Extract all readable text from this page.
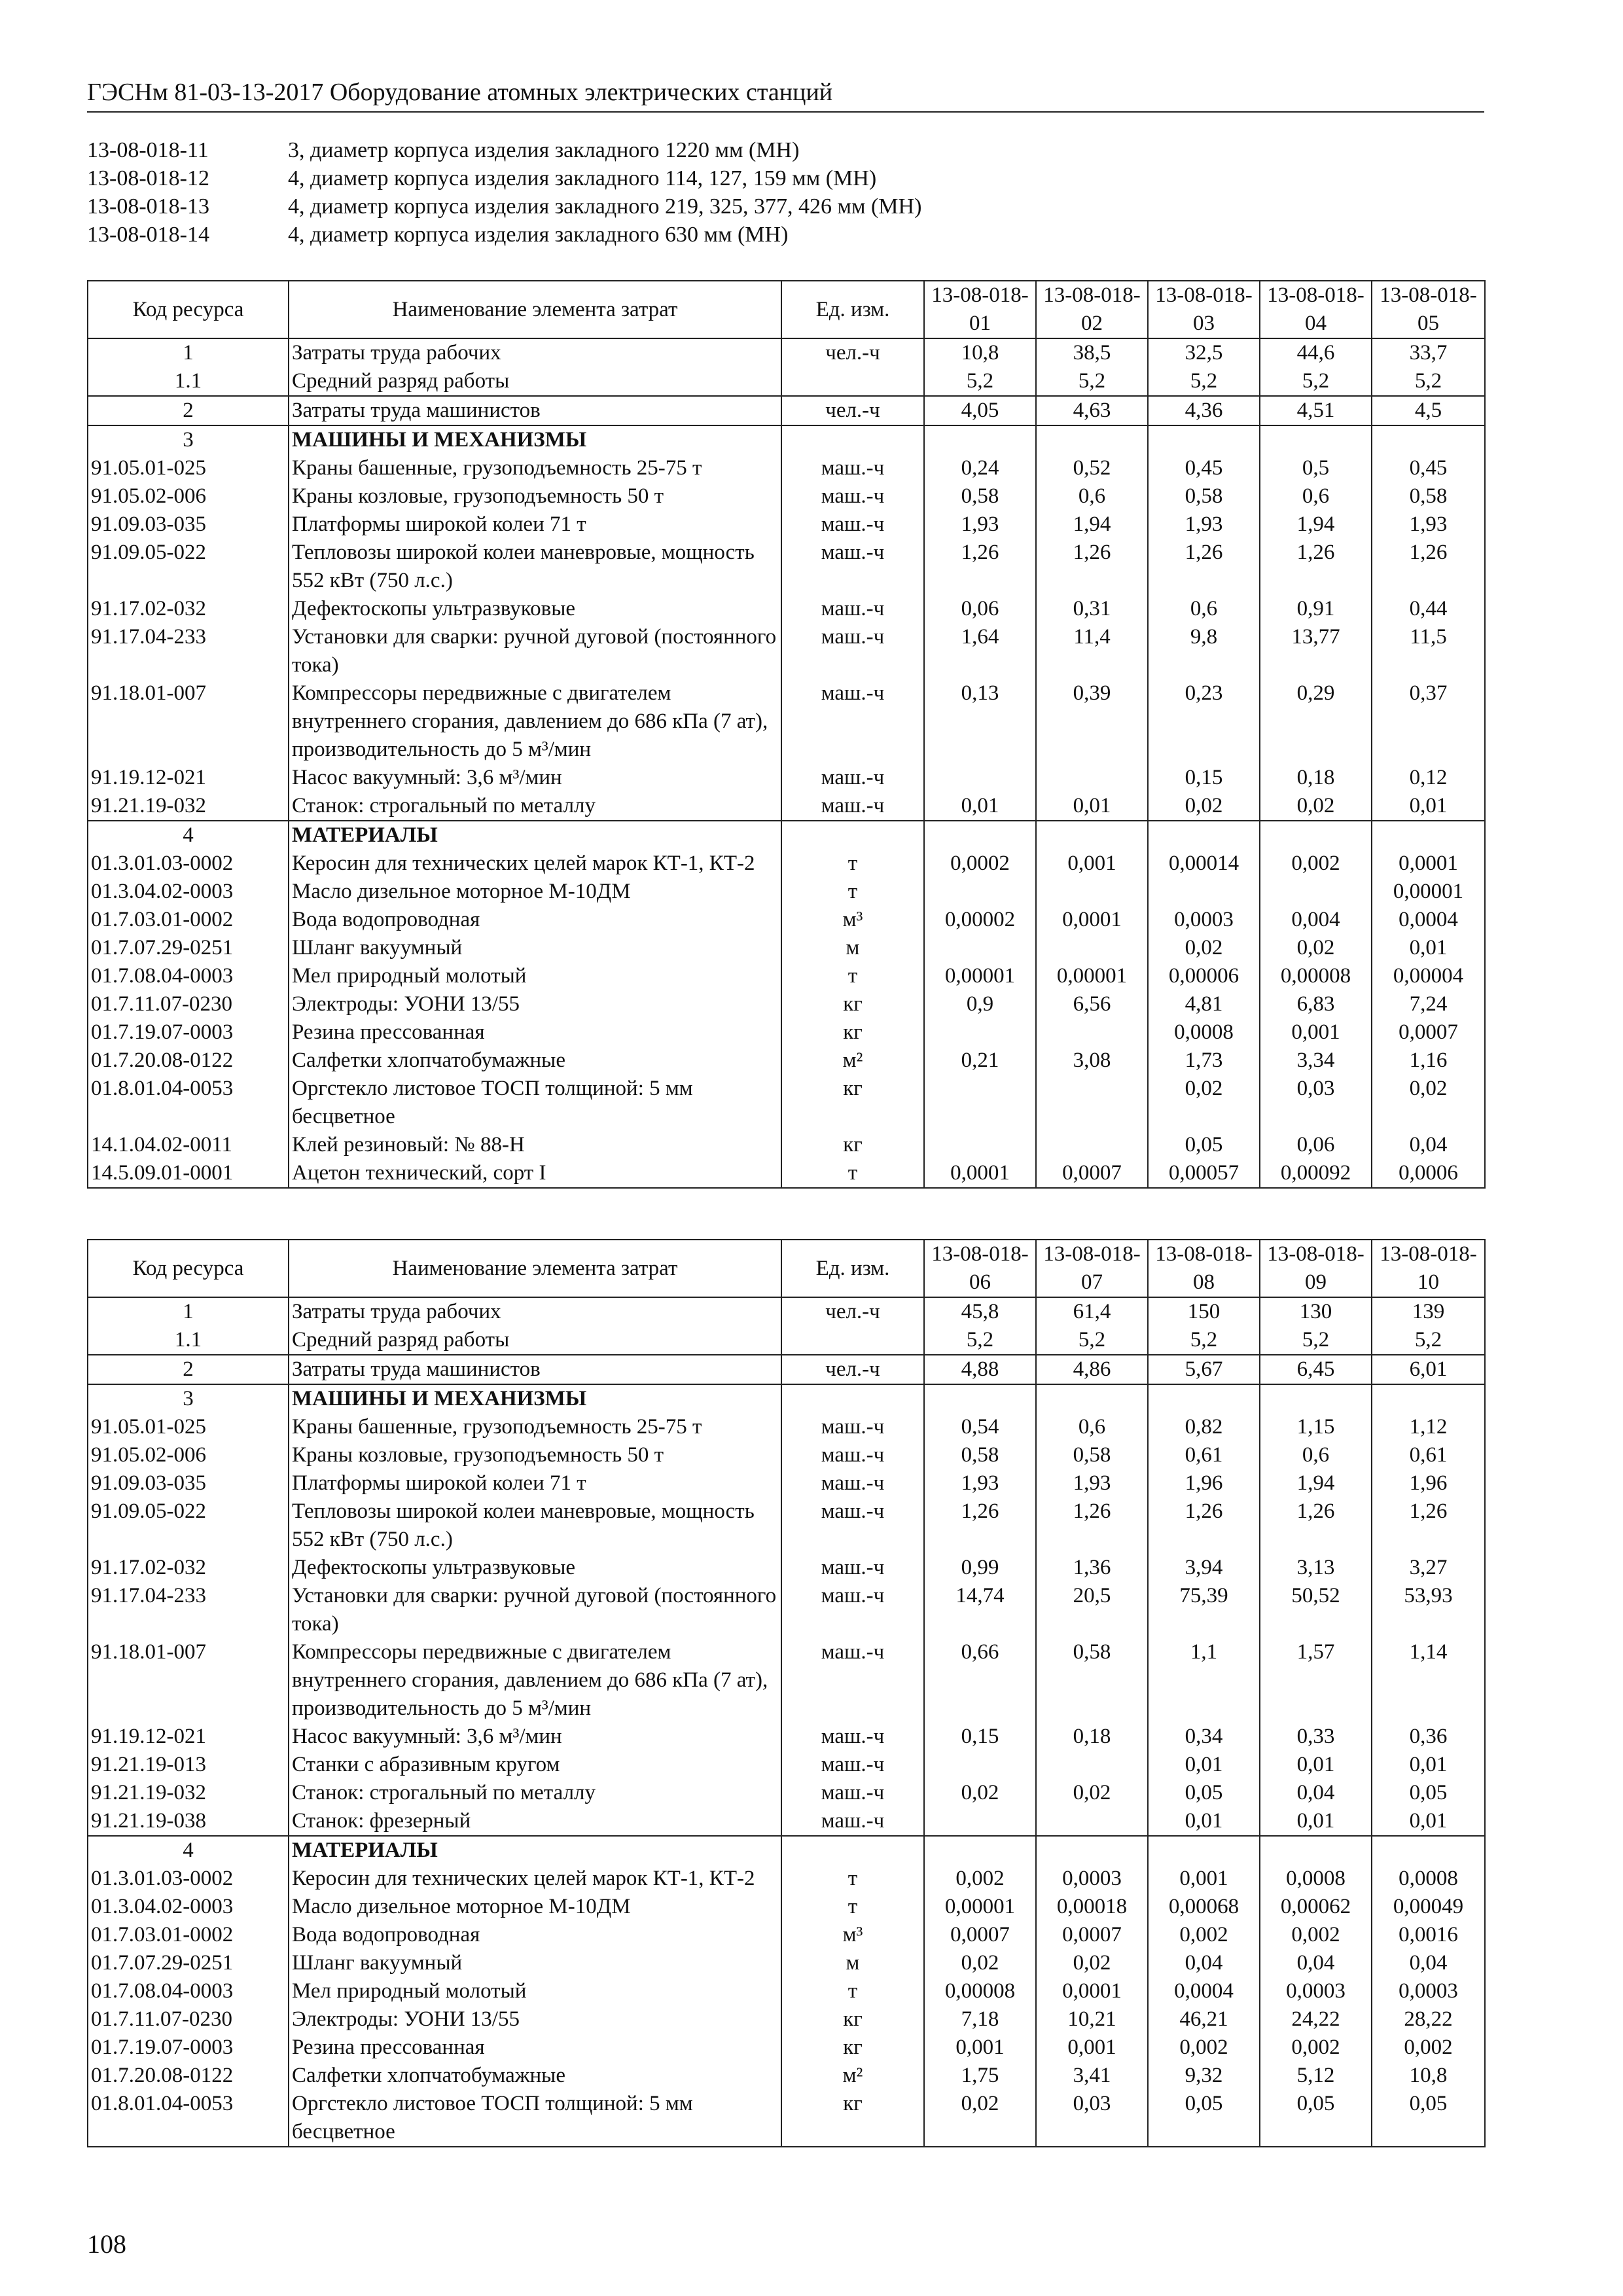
ГЭСНм 81-03-13-2017 Оборудование атомных электрических станций
13-08-018-11	3, диаметр корпуса изделия закладного 1220 мм (МН)
13-08-018-12	4, диаметр корпуса изделия закладного 114, 127, 159 мм (МН)
13-08-018-13	4, диаметр корпуса изделия закладного 219, 325, 377, 426 мм (МН)
13-08-018-14	4, диаметр корпуса изделия закладного 630 мм (МН)
Код ресурса	Наименование элемента затрат	Ед. изм.	13-08-018-01	13-08-018-02	13-08-018-03	13-08-018-04	13-08-018-05
1	Затраты труда рабочих	чел.-ч	10,8	38,5	32,5	44,6	33,7
1.1	Средний разряд работы		5,2	5,2	5,2	5,2	5,2
2	Затраты труда машинистов	чел.-ч	4,05	4,63	4,36	4,51	4,5
3	МАШИНЫ И МЕХАНИЗМЫ						
91.05.01-025	Краны башенные, грузоподъемность 25-75 т	маш.-ч	0,24	0,52	0,45	0,5	0,45
91.05.02-006	Краны козловые, грузоподъемность 50 т	маш.-ч	0,58	0,6	0,58	0,6	0,58
91.09.03-035	Платформы широкой колеи 71 т	маш.-ч	1,93	1,94	1,93	1,94	1,93
91.09.05-022	Тепловозы широкой колеи маневровые, мощность 552 кВт (750 л.с.)	маш.-ч	1,26	1,26	1,26	1,26	1,26
91.17.02-032	Дефектоскопы ультразвуковые	маш.-ч	0,06	0,31	0,6	0,91	0,44
91.17.04-233	Установки для сварки: ручной дуговой (постоянного тока)	маш.-ч	1,64	11,4	9,8	13,77	11,5
91.18.01-007	Компрессоры передвижные с двигателем внутреннего сгорания, давлением до 686 кПа (7 ат), производительность до 5 м³/мин	маш.-ч	0,13	0,39	0,23	0,29	0,37
91.19.12-021	Насос вакуумный: 3,6 м³/мин	маш.-ч			0,15	0,18	0,12
91.21.19-032	Станок: строгальный по металлу	маш.-ч	0,01	0,01	0,02	0,02	0,01
4	МАТЕРИАЛЫ						
01.3.01.03-0002	Керосин для технических целей марок КТ-1, КТ-2	т	0,0002	0,001	0,00014	0,002	0,0001
01.3.04.02-0003	Масло дизельное моторное М-10ДМ	т					0,00001
01.7.03.01-0002	Вода водопроводная	м³	0,00002	0,0001	0,0003	0,004	0,0004
01.7.07.29-0251	Шланг вакуумный	м			0,02	0,02	0,01
01.7.08.04-0003	Мел природный молотый	т	0,00001	0,00001	0,00006	0,00008	0,00004
01.7.11.07-0230	Электроды: УОНИ 13/55	кг	0,9	6,56	4,81	6,83	7,24
01.7.19.07-0003	Резина прессованная	кг			0,0008	0,001	0,0007
01.7.20.08-0122	Салфетки хлопчатобумажные	м²	0,21	3,08	1,73	3,34	1,16
01.8.01.04-0053	Оргстекло листовое ТОСП толщиной: 5 мм бесцветное	кг			0,02	0,03	0,02
14.1.04.02-0011	Клей резиновый: № 88-Н	кг			0,05	0,06	0,04
14.5.09.01-0001	Ацетон технический, сорт I	т	0,0001	0,0007	0,00057	0,00092	0,0006
Код ресурса	Наименование элемента затрат	Ед. изм.	13-08-018-06	13-08-018-07	13-08-018-08	13-08-018-09	13-08-018-10
1	Затраты труда рабочих	чел.-ч	45,8	61,4	150	130	139
1.1	Средний разряд работы		5,2	5,2	5,2	5,2	5,2
2	Затраты труда машинистов	чел.-ч	4,88	4,86	5,67	6,45	6,01
3	МАШИНЫ И МЕХАНИЗМЫ						
91.05.01-025	Краны башенные, грузоподъемность 25-75 т	маш.-ч	0,54	0,6	0,82	1,15	1,12
91.05.02-006	Краны козловые, грузоподъемность 50 т	маш.-ч	0,58	0,58	0,61	0,6	0,61
91.09.03-035	Платформы широкой колеи 71 т	маш.-ч	1,93	1,93	1,96	1,94	1,96
91.09.05-022	Тепловозы широкой колеи маневровые, мощность 552 кВт (750 л.с.)	маш.-ч	1,26	1,26	1,26	1,26	1,26
91.17.02-032	Дефектоскопы ультразвуковые	маш.-ч	0,99	1,36	3,94	3,13	3,27
91.17.04-233	Установки для сварки: ручной дуговой (постоянного тока)	маш.-ч	14,74	20,5	75,39	50,52	53,93
91.18.01-007	Компрессоры передвижные с двигателем внутреннего сгорания, давлением до 686 кПа (7 ат), производительность до 5 м³/мин	маш.-ч	0,66	0,58	1,1	1,57	1,14
91.19.12-021	Насос вакуумный: 3,6 м³/мин	маш.-ч	0,15	0,18	0,34	0,33	0,36
91.21.19-013	Станки с абразивным кругом	маш.-ч			0,01	0,01	0,01
91.21.19-032	Станок: строгальный по металлу	маш.-ч	0,02	0,02	0,05	0,04	0,05
91.21.19-038	Станок: фрезерный	маш.-ч			0,01	0,01	0,01
4	МАТЕРИАЛЫ						
01.3.01.03-0002	Керосин для технических целей марок КТ-1, КТ-2	т	0,002	0,0003	0,001	0,0008	0,0008
01.3.04.02-0003	Масло дизельное моторное М-10ДМ	т	0,00001	0,00018	0,00068	0,00062	0,00049
01.7.03.01-0002	Вода водопроводная	м³	0,0007	0,0007	0,002	0,002	0,0016
01.7.07.29-0251	Шланг вакуумный	м	0,02	0,02	0,04	0,04	0,04
01.7.08.04-0003	Мел природный молотый	т	0,00008	0,0001	0,0004	0,0003	0,0003
01.7.11.07-0230	Электроды: УОНИ 13/55	кг	7,18	10,21	46,21	24,22	28,22
01.7.19.07-0003	Резина прессованная	кг	0,001	0,001	0,002	0,002	0,002
01.7.20.08-0122	Салфетки хлопчатобумажные	м²	1,75	3,41	9,32	5,12	10,8
01.8.01.04-0053	Оргстекло листовое ТОСП толщиной: 5 мм бесцветное	кг	0,02	0,03	0,05	0,05	0,05
108
